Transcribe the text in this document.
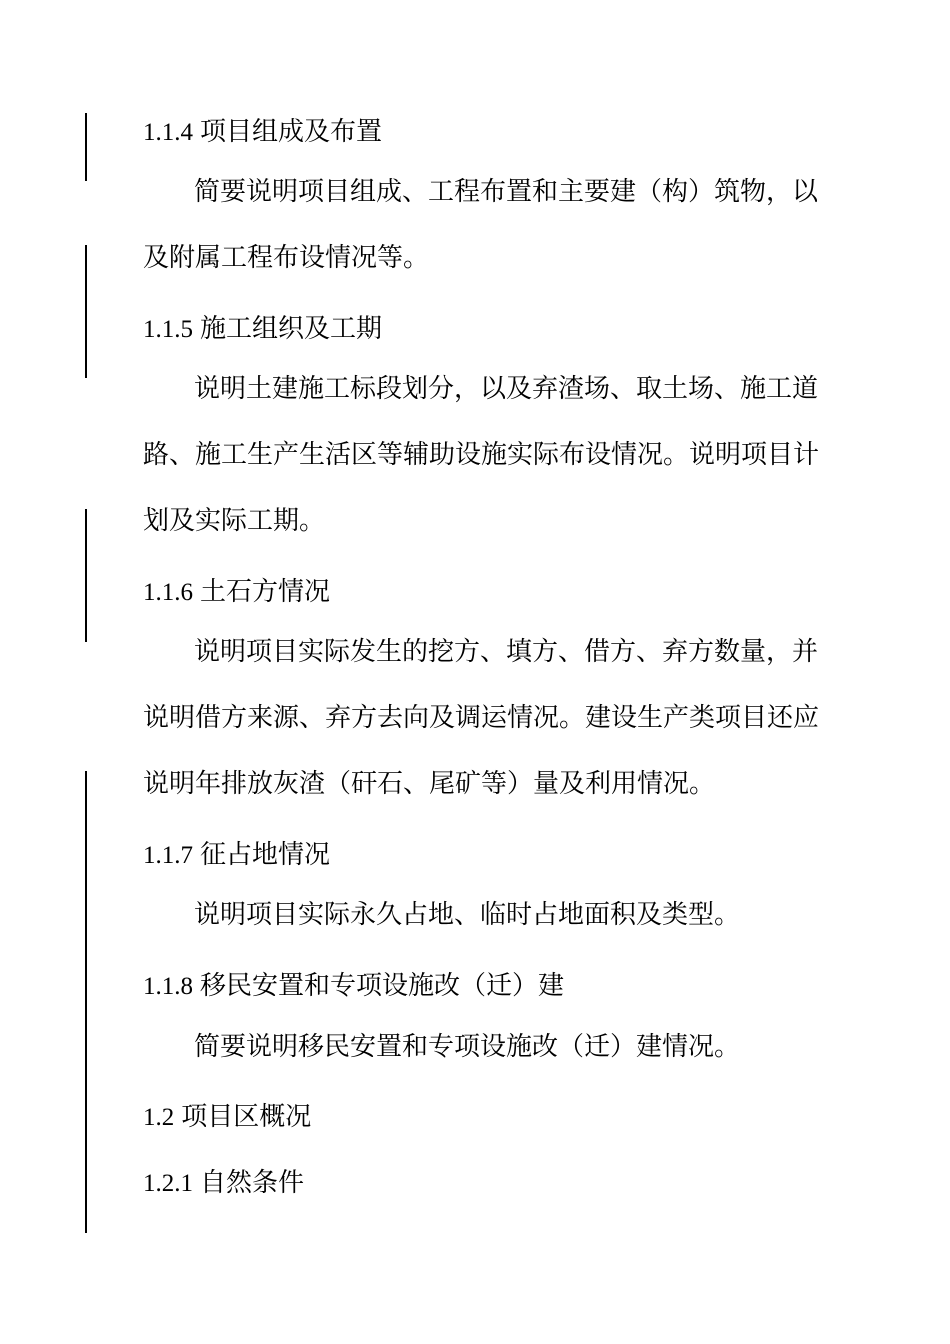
1.1.4 项目组成及布置
简要说明项目组成、工程布置和主要建（构）筑物，以
及附属工程布设情况等。
1.1.5 施工组织及工期
说明土建施工标段划分，以及弃渣场、取土场、施工道
路、施工生产生活区等辅助设施实际布设情况。说明项目计
划及实际工期。
1.1.6 土石方情况
说明项目实际发生的挖方、填方、借方、弃方数量，并
说明借方来源、弃方去向及调运情况。建设生产类项目还应
说明年排放灰渣（矸石、尾矿等）量及利用情况。
1.1.7 征占地情况
说明项目实际永久占地、临时占地面积及类型。
1.1.8 移民安置和专项设施改（迁）建
简要说明移民安置和专项设施改（迁）建情况。
1.2 项目区概况
1.2.1 自然条件
